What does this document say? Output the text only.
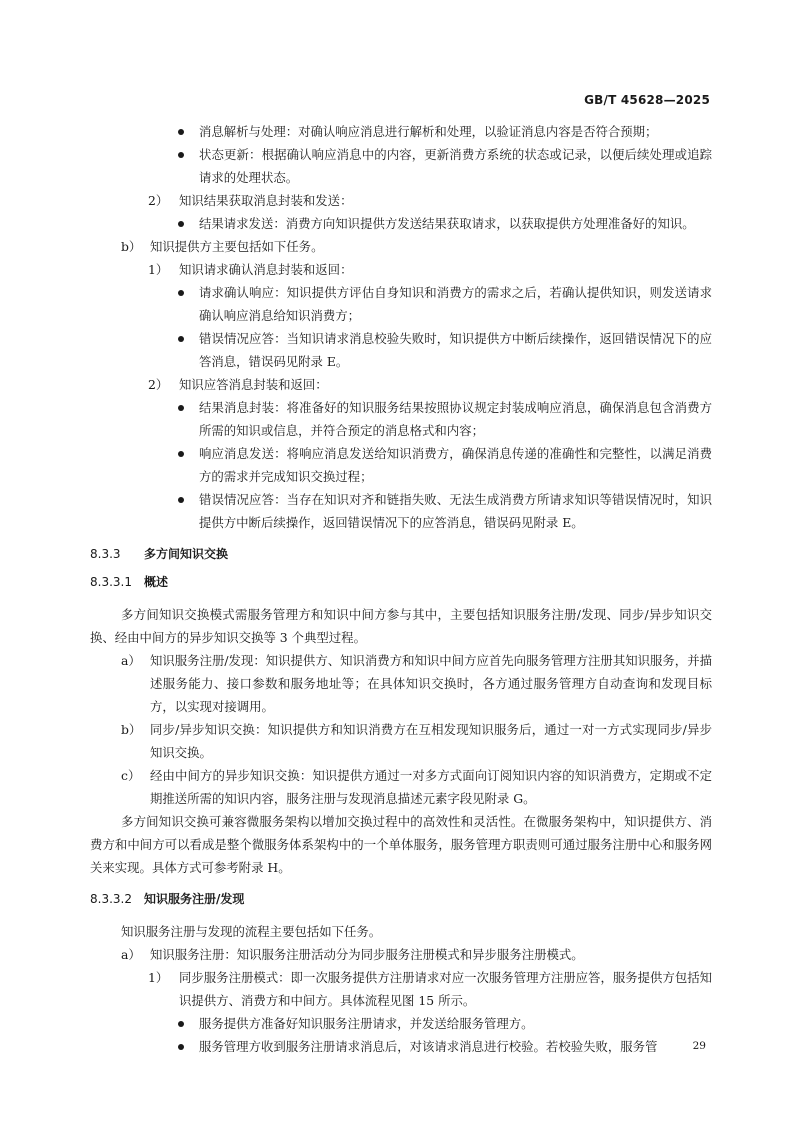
GB/T 45628—2025
消息解析与处理：对确认响应消息进行解析和处理，以验证消息内容是否符合预期；
状态更新：根据确认响应消息中的内容，更新消费方系统的状态或记录，以便后续处理或追踪请求的处理状态。
2） 知识结果获取消息封装和发送：
结果请求发送：消费方向知识提供方发送结果获取请求，以获取提供方处理准备好的知识。
b） 知识提供方主要包括如下任务。
1） 知识请求确认消息封装和返回：
请求确认响应：知识提供方评估自身知识和消费方的需求之后，若确认提供知识，则发送请求确认响应消息给知识消费方；
错误情况应答：当知识请求消息校验失败时，知识提供方中断后续操作，返回错误情况下的应答消息，错误码见附录 E。
2） 知识应答消息封装和返回：
结果消息封装：将准备好的知识服务结果按照协议规定封装成响应消息，确保消息包含消费方所需的知识或信息，并符合预定的消息格式和内容；
响应消息发送：将响应消息发送给知识消费方，确保消息传递的准确性和完整性，以满足消费方的需求并完成知识交换过程；
错误情况应答：当存在知识对齐和链指失败、无法生成消费方所请求知识等错误情况时，知识提供方中断后续操作，返回错误情况下的应答消息，错误码见附录 E。
8.3.3 多方间知识交换
8.3.3.1 概述
多方间知识交换模式需服务管理方和知识中间方参与其中，主要包括知识服务注册/发现、同步/异步知识交换、经由中间方的异步知识交换等 3 个典型过程。
a） 知识服务注册/发现：知识提供方、知识消费方和知识中间方应首先向服务管理方注册其知识服务，并描述服务能力、接口参数和服务地址等；在具体知识交换时，各方通过服务管理方自动查询和发现目标方，以实现对接调用。
b） 同步/异步知识交换：知识提供方和知识消费方在互相发现知识服务后，通过一对一方式实现同步/异步知识交换。
c） 经由中间方的异步知识交换：知识提供方通过一对多方式面向订阅知识内容的知识消费方，定期或不定期推送所需的知识内容，服务注册与发现消息描述元素字段见附录 G。
多方间知识交换可兼容微服务架构以增加交换过程中的高效性和灵活性。在微服务架构中，知识提供方、消费方和中间方可以看成是整个微服务体系架构中的一个单体服务，服务管理方职责则可通过服务注册中心和服务网关来实现。具体方式可参考附录 H。
8.3.3.2 知识服务注册/发现
知识服务注册与发现的流程主要包括如下任务。
a） 知识服务注册：知识服务注册活动分为同步服务注册模式和异步服务注册模式。
1） 同步服务注册模式：即一次服务提供方注册请求对应一次服务管理方注册应答，服务提供方包括知识提供方、消费方和中间方。具体流程见图 15 所示。
服务提供方准备好知识服务注册请求，并发送给服务管理方。
服务管理方收到服务注册请求消息后，对该请求消息进行校验。若校验失败，服务管	29
